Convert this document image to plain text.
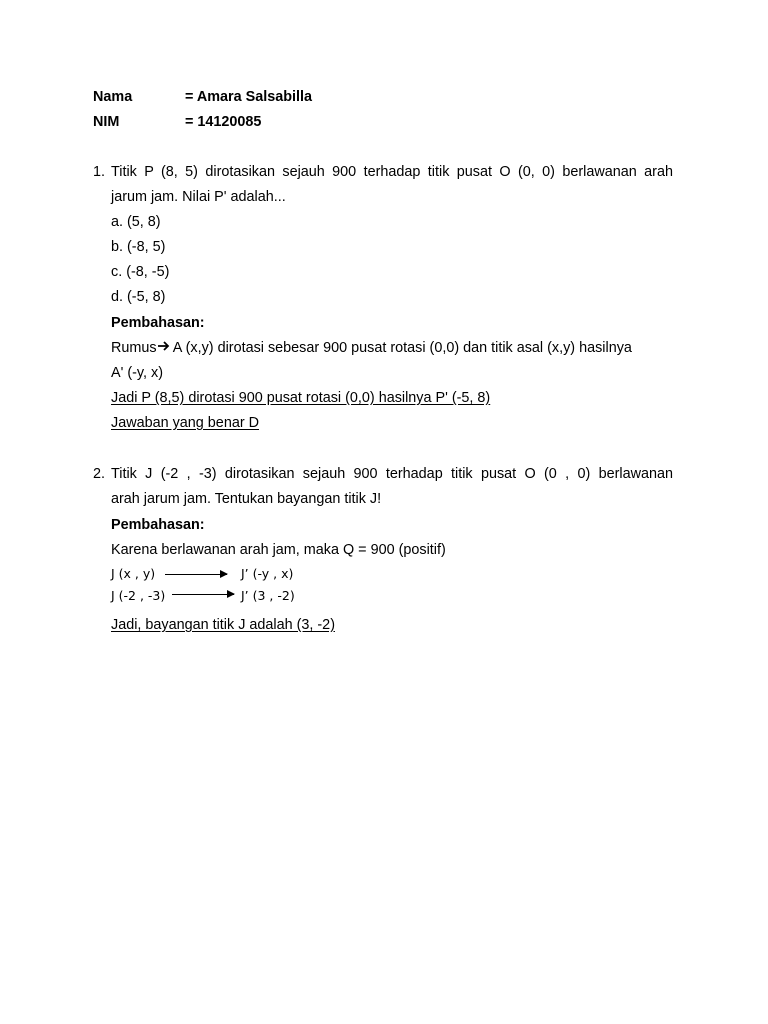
Nama	= Amara Salsabilla
NIM	= 14120085
1. Titik P (8, 5) dirotasikan sejauh 900 terhadap titik pusat O (0, 0) berlawanan arah
jarum jam. Nilai P' adalah...
a. (5, 8)
b. (-8, 5)
c. (-8, -5)
d. (-5, 8)
Pembahasan:
Rumus A (x,y) dirotasi sebesar 900 pusat rotasi (0,0) dan titik asal (x,y) hasilnya
A' (-y, x)
Jadi P (8,5) dirotasi 900 pusat rotasi (0,0) hasilnya P' (-5, 8)
Jawaban yang benar D
2. Titik J (-2 , -3) dirotasikan sejauh 900 terhadap titik pusat O (0 , 0) berlawanan
arah jarum jam. Tentukan bayangan titik J!
Pembahasan:
Karena berlawanan arah jam, maka Q = 900 (positif)
J (x , y)	J’ (-y , x)
J (-2 , -3)	J’ (3 , -2)
Jadi, bayangan titik J adalah (3, -2)
